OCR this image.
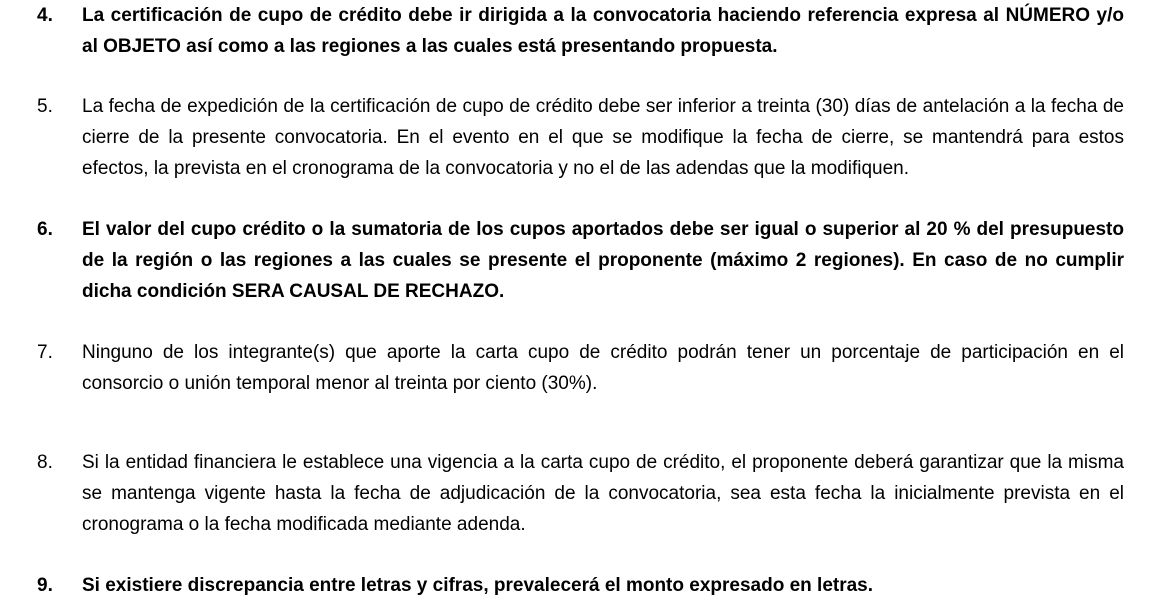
4. La certificación de cupo de crédito debe ir dirigida a la convocatoria haciendo referencia expresa al NÚMERO y/o al OBJETO así como a las regiones a las cuales está presentando propuesta.
5. La fecha de expedición de la certificación de cupo de crédito debe ser inferior a treinta (30) días de antelación a la fecha de cierre de la presente convocatoria. En el evento en el que se modifique la fecha de cierre, se mantendrá para estos efectos, la prevista en el cronograma de la convocatoria y no el de las adendas que la modifiquen.
6. El valor del cupo crédito o la sumatoria de los cupos aportados debe ser igual o superior al 20 % del presupuesto de la región o las regiones a las cuales se presente el proponente (máximo 2 regiones). En caso de no cumplir dicha condición SERA CAUSAL DE RECHAZO.
7. Ninguno de los integrante(s) que aporte la carta cupo de crédito podrán tener un porcentaje de participación en el consorcio o unión temporal menor al treinta por ciento (30%).
8. Si la entidad financiera le establece una vigencia a la carta cupo de crédito, el proponente deberá garantizar que la misma se mantenga vigente hasta la fecha de adjudicación de la convocatoria, sea esta fecha la inicialmente prevista en el cronograma o la fecha modificada mediante adenda.
9. Si existiere discrepancia entre letras y cifras, prevalecerá el monto expresado en letras.
